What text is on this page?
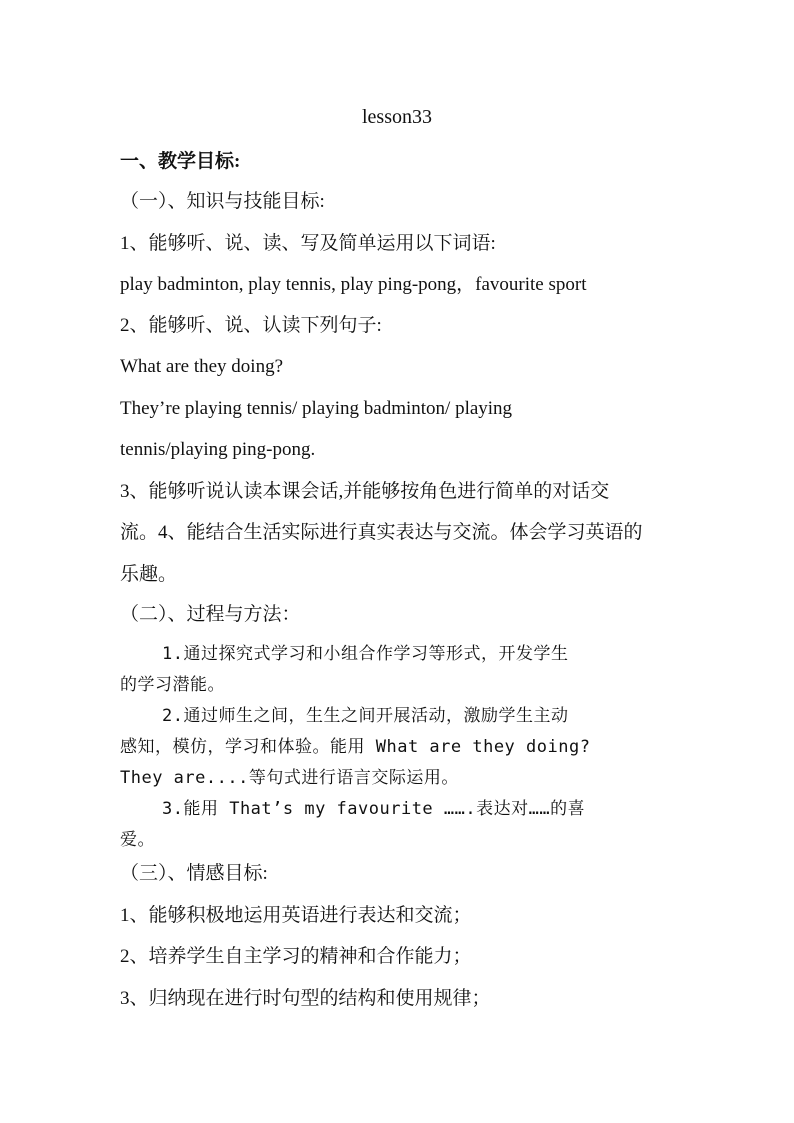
lesson33
一、教学目标:
（一）、知识与技能目标:
1、能够听、说、读、写及简单运用以下词语:
play badminton, play tennis, play ping-pong，favourite sport
2、能够听、说、认读下列句子:
What are they doing?
They’re playing tennis/ playing badminton/ playing
tennis/playing ping-pong.
3、能够听说认读本课会话,并能够按角色进行简单的对话交
流。4、能结合生活实际进行真实表达与交流。体会学习英语的
乐趣。
（二）、过程与方法：
1.通过探究式学习和小组合作学习等形式，开发学生
的学习潜能。
2.通过师生之间，生生之间开展活动，激励学生主动
感知，模仿，学习和体验。能用 What are they doing?
They are....等句式进行语言交际运用。
3.能用 That’s my favourite …….表达对……的喜
爱。
（三）、情感目标:
1、能够积极地运用英语进行表达和交流；
2、培养学生自主学习的精神和合作能力；
3、归纳现在进行时句型的结构和使用规律；
